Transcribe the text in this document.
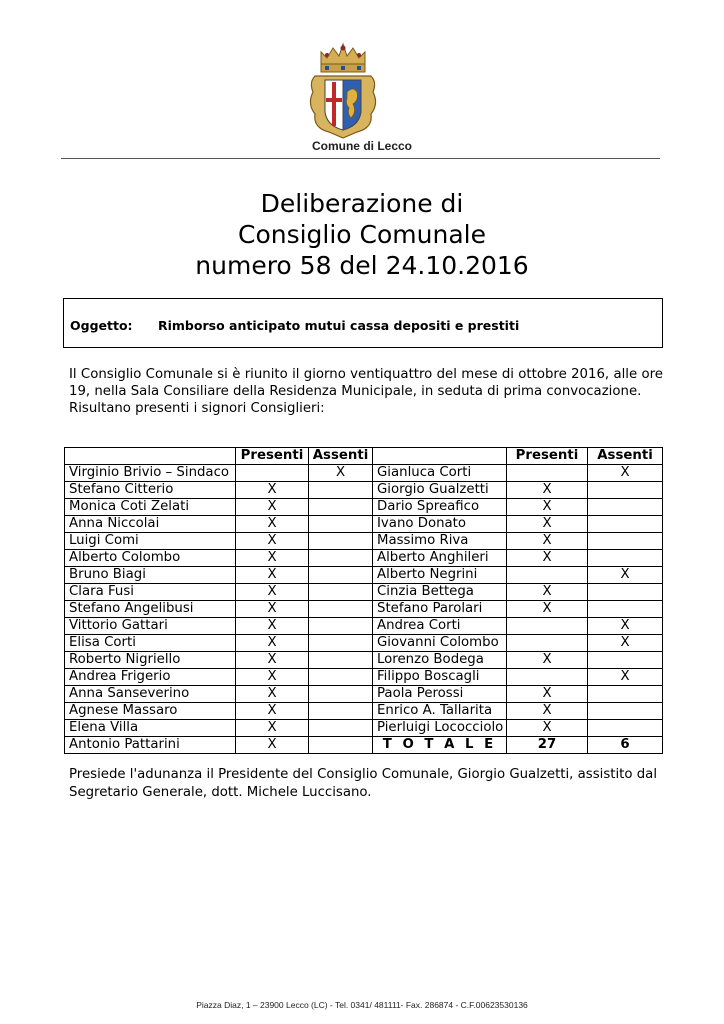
Comune di Lecco
Deliberazione di
Consiglio Comunale
numero 58 del 24.10.2016
Oggetto: Rimborso anticipato mutui cassa depositi e prestiti

Il Consiglio Comunale si è riunito il giorno ventiquattro del mese di ottobre 2016, alle ore 19, nella Sala Consiliare della Residenza Municipale, in seduta di prima convocazione.

Risultano presenti i signori Consiglieri:

	Presenti	Assenti		Presenti	Assenti
Virginio Brivio – Sindaco		X	Gianluca Corti		X
Stefano Citterio	X		Giorgio Gualzetti	X	
Monica Coti Zelati	X		Dario Spreafico	X	
Anna Niccolai	X		Ivano Donato	X	
Luigi Comi	X		Massimo Riva	X	
Alberto Colombo	X		Alberto Anghileri	X	
Bruno Biagi	X		Alberto Negrini		X
Clara Fusi	X		Cinzia Bettega	X	
Stefano Angelibusi	X		Stefano Parolari	X	
Vittorio Gattari	X		Andrea Corti		X
Elisa Corti	X		Giovanni Colombo		X
Roberto Nigriello	X		Lorenzo Bodega	X	
Andrea Frigerio	X		Filippo Boscagli		X
Anna Sanseverino	X		Paola Perossi	X	
Agnese Massaro	X		Enrico A. Tallarita	X	
Elena Villa	X		Pierluigi Lococciolo	X	
Antonio Pattarini	X		T O T A L E	27	6

Presiede l'adunanza il Presidente del Consiglio Comunale, Giorgio Gualzetti, assistito dal

Segretario Generale, dott. Michele Luccisano.

Piazza Diaz, 1 – 23900 Lecco (LC) - Tel. 0341/ 481111- Fax. 286874 - C.F.00623530136
